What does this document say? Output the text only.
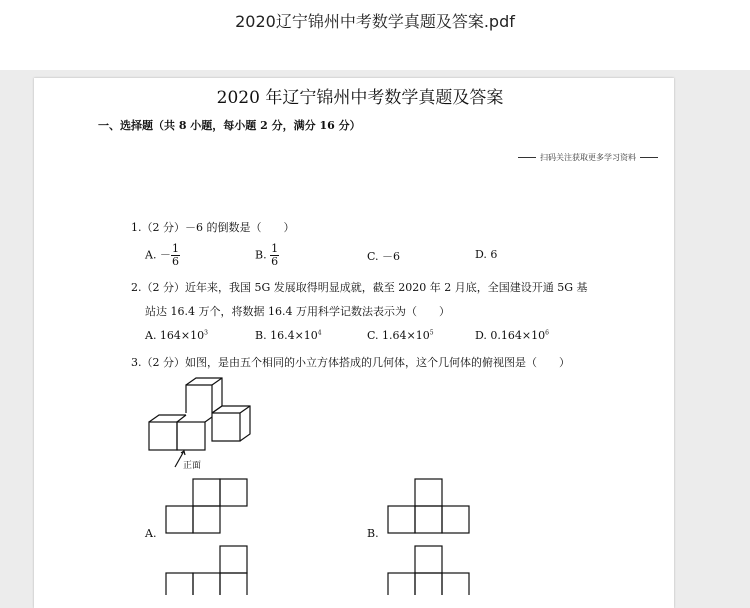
2020辽宁锦州中考数学真题及答案.pdf
扫码关注获取更多学习资料
2020 年辽宁锦州中考数学真题及答案
一、选择题（共 8 小题，每小题 2 分，满分 16 分）
1.（2 分）－6 的倒数是（　　）
A. － $\frac{1}{6}$	B. $\frac{1}{6}$	C. －6	D. 6
2.（2 分）近年来，我国 5G 发展取得明显成就，截至 2020 年 2 月底，全国建设开通 5G 基
站达 16.4 万个，将数据 16.4 万用科学记数法表示为（　　）
A. $164\times 10^3$	B. $16.4\times 10^4$	C. $1.64\times 10^5$	D. $0.164\times 10^6$
3.（2 分）如图，是由五个相同的小立方体搭成的几何体，这个几何体的俯视图是（　　）
正面
A.	B.
